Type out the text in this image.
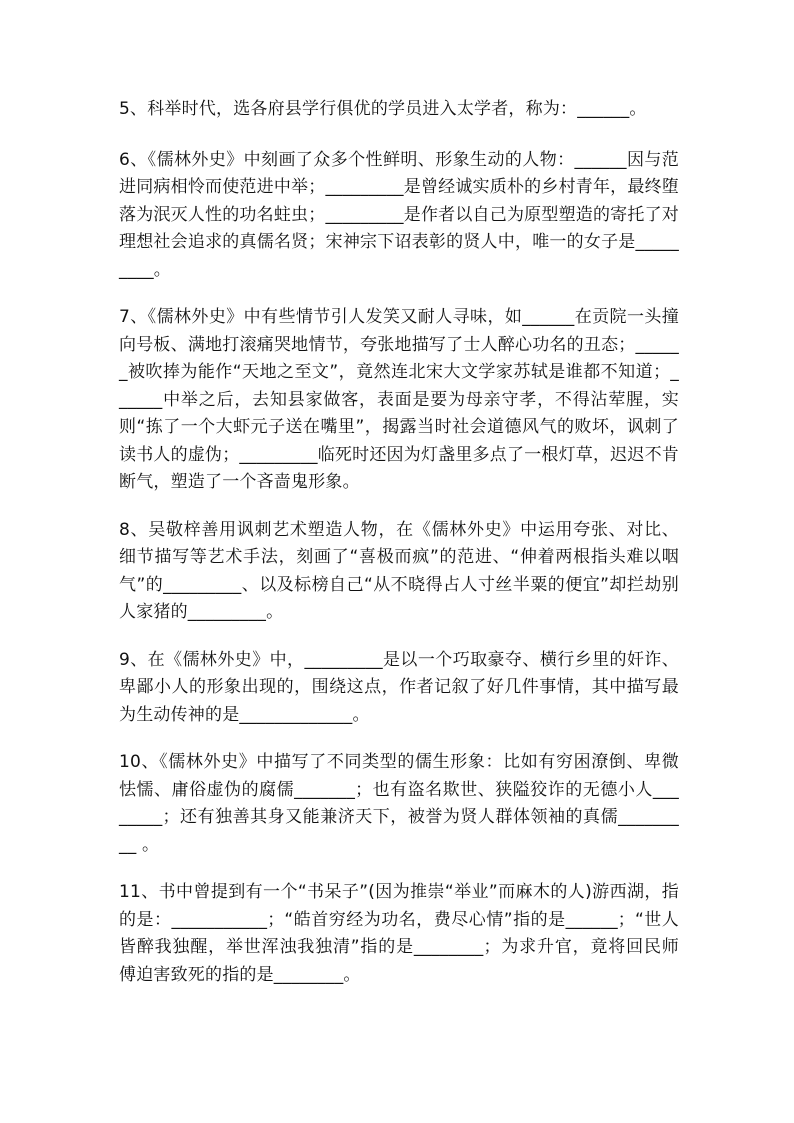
5、科举时代，选各府县学行俱优的学员进入太学者，称为：______。

6、《儒林外史》中刻画了众多个性鲜明、形象生动的人物：______因与范进同病相怜而使范进中举；_________是曾经诚实质朴的乡村青年，最终堕落为泯灭人性的功名蛀虫；_________是作者以自己为原型塑造的寄托了对理想社会追求的真儒名贤；宋神宗下诏表彰的贤人中，唯一的女子是_________。

7、《儒林外史》中有些情节引人发笑又耐人寻味，如______在贡院一头撞向号板、满地打滚痛哭地情节，夸张地描写了士人醉心功名的丑态；______被吹捧为能作“天地之至文”，竟然连北宋大文学家苏轼是谁都不知道；______中举之后，去知县家做客，表面是要为母亲守孝，不得沾荤腥，实则“拣了一个大虾元子送在嘴里”，揭露当时社会道德风气的败坏，讽刺了读书人的虚伪；_________临死时还因为灯盏里多点了一根灯草，迟迟不肯断气，塑造了一个吝啬鬼形象。

8、吴敬梓善用讽刺艺术塑造人物，在《儒林外史》中运用夸张、对比、细节描写等艺术手法，刻画了“喜极而疯”的范进、“伸着两根指头难以咽气”的_________、以及标榜自己“从不晓得占人寸丝半粟的便宜”却拦劫别人家猪的_________。

9、在《儒林外史》中，_________是以一个巧取豪夺、横行乡里的奸诈、卑鄙小人的形象出现的，围绕这点，作者记叙了好几件事情，其中描写最为生动传神的是_____________。

10、《儒林外史》中描写了不同类型的儒生形象：比如有穷困潦倒、卑微怯懦、庸俗虚伪的腐儒_______；也有盗名欺世、狭隘狡诈的无德小人________；还有独善其身又能兼济天下，被誉为贤人群体领袖的真儒_________ 。

11、书中曾提到有一个“书呆子”(因为推崇“举业”而麻木的人)游西湖，指的是：___________；“皓首穷经为功名，费尽心情”指的是______；“世人皆醉我独醒，举世浑浊我独清”指的是________；为求升官，竟将回民师傅迫害致死的指的是________。
